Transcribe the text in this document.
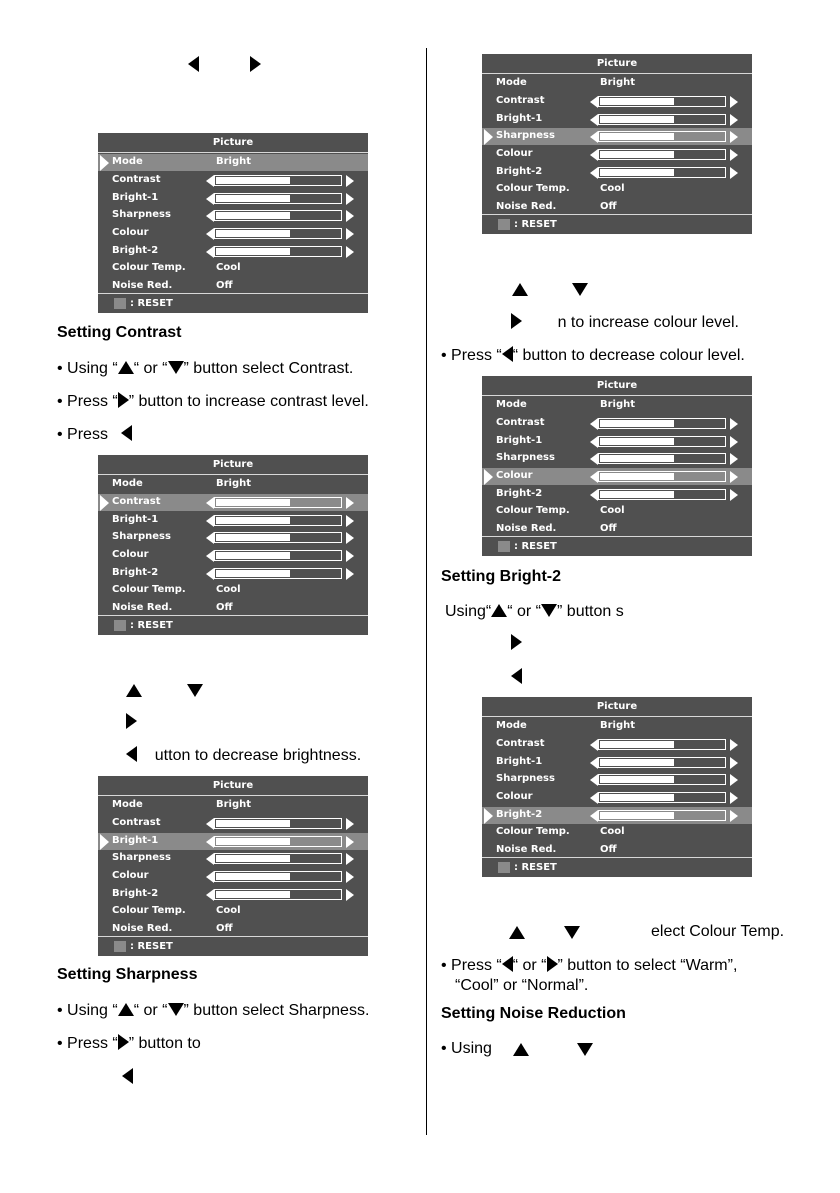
Picture
Mode	Bright
Contrast
Bright-1
Sharpness
Colour
Bright-2
Colour Temp.	Cool
Noise Red.	Off
: RESET
Setting Contrast
• Using “ “ or “ ” button select Contrast.
• Press “ ” button to increase contrast level.
• Press
Picture
Mode	Bright
Contrast
Bright-1
Sharpness
Colour
Bright-2
Colour Temp.	Cool
Noise Red.	Off
: RESET
utton to decrease brightness.
Picture
Mode	Bright
Contrast
Bright-1
Sharpness
Colour
Bright-2
Colour Temp.	Cool
Noise Red.	Off
: RESET
Setting Sharpness
• Using “ “ or “ ” button select Sharpness.
• Press “ ” button to
Picture
Mode	Bright
Contrast
Bright-1
Sharpness
Colour
Bright-2
Colour Temp.	Cool
Noise Red.	Off
: RESET
n to increase colour level.
• Press “ “ button to decrease colour level.
Picture
Mode	Bright
Contrast
Bright-1
Sharpness
Colour
Bright-2
Colour Temp.	Cool
Noise Red.	Off
: RESET
Setting Bright-2
Using“ “ or “ ” button s
Picture
Mode	Bright
Contrast
Bright-1
Sharpness
Colour
Bright-2
Colour Temp.	Cool
Noise Red.	Off
: RESET
elect Colour Temp.
• Press “ “ or “ ” button to select “Warm”,
“Cool” or “Normal”.
Setting Noise Reduction
• Using
